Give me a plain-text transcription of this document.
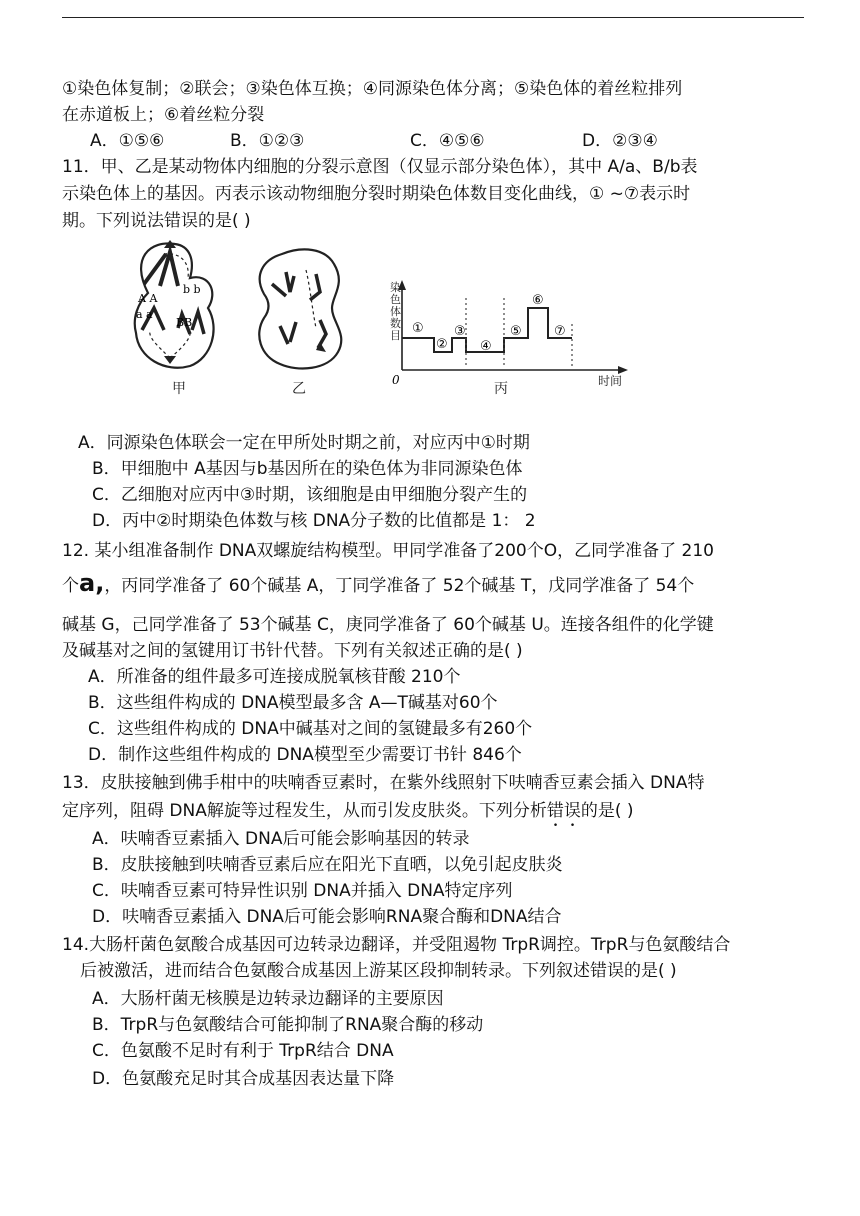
①染色体复制；②联会；③染色体互换；④同源染色体分离；⑤染色体的着丝粒排列
在赤道板上；⑥着丝粒分裂
A．①⑤⑥	B．①②③	C．④⑤⑥	D．②③④
11．甲、乙是某动物体内细胞的分裂示意图（仅显示部分染色体），其中 A/a、B/b表
示染色体上的基因。丙表示该动物细胞分裂时期染色体数目变化曲线，① ~⑦表示时
期。下列说法错误的是( )
A A
b b
a a
BB	①
②
③
④
⑤
⑥
⑦
0
染色体数目
时间
甲	乙	丙
A．同源染色体联会一定在甲所处时期之前，对应丙中①时期
B．甲细胞中 A基因与b基因所在的染色体为非同源染色体
C．乙细胞对应丙中③时期，该细胞是由甲细胞分裂产生的
D．丙中②时期染色体数与核 DNA分子数的比值都是 1： 2
12. 某小组准备制作 DNA双螺旋结构模型。甲同学准备了200个O，乙同学准备了 210
个a,，丙同学准备了 60个碱基 A，丁同学准备了 52个碱基 T，戊同学准备了 54个
碱基 G，己同学准备了 53个碱基 C，庚同学准备了 60个碱基 U。连接各组件的化学键
及碱基对之间的氢键用订书针代替。下列有关叙述正确的是( )
A．所准备的组件最多可连接成脱氧核苷酸 210个
B．这些组件构成的 DNA模型最多含 A—T碱基对60个
C．这些组件构成的 DNA中碱基对之间的氢键最多有260个
D．制作这些组件构成的 DNA模型至少需要订书针 846个
13．皮肤接触到佛手柑中的呋喃香豆素时，在紫外线照射下呋喃香豆素会插入 DNA特
定序列，阻碍 DNA解旋等过程发生，从而引发皮肤炎。下列分析错误的是( )
A．呋喃香豆素插入 DNA后可能会影响基因的转录
B．皮肤接触到呋喃香豆素后应在阳光下直晒，以免引起皮肤炎
C．呋喃香豆素可特异性识别 DNA并插入 DNA特定序列
D．呋喃香豆素插入 DNA后可能会影响RNA聚合酶和DNA结合
14.大肠杆菌色氨酸合成基因可边转录边翻译，并受阻遏物 TrpR调控。TrpR与色氨酸结合
后被激活，进而结合色氨酸合成基因上游某区段抑制转录。下列叙述错误的是( )
A．大肠杆菌无核膜是边转录边翻译的主要原因
B．TrpR与色氨酸结合可能抑制了RNA聚合酶的移动
C．色氨酸不足时有利于 TrpR结合 DNA
D．色氨酸充足时其合成基因表达量下降
